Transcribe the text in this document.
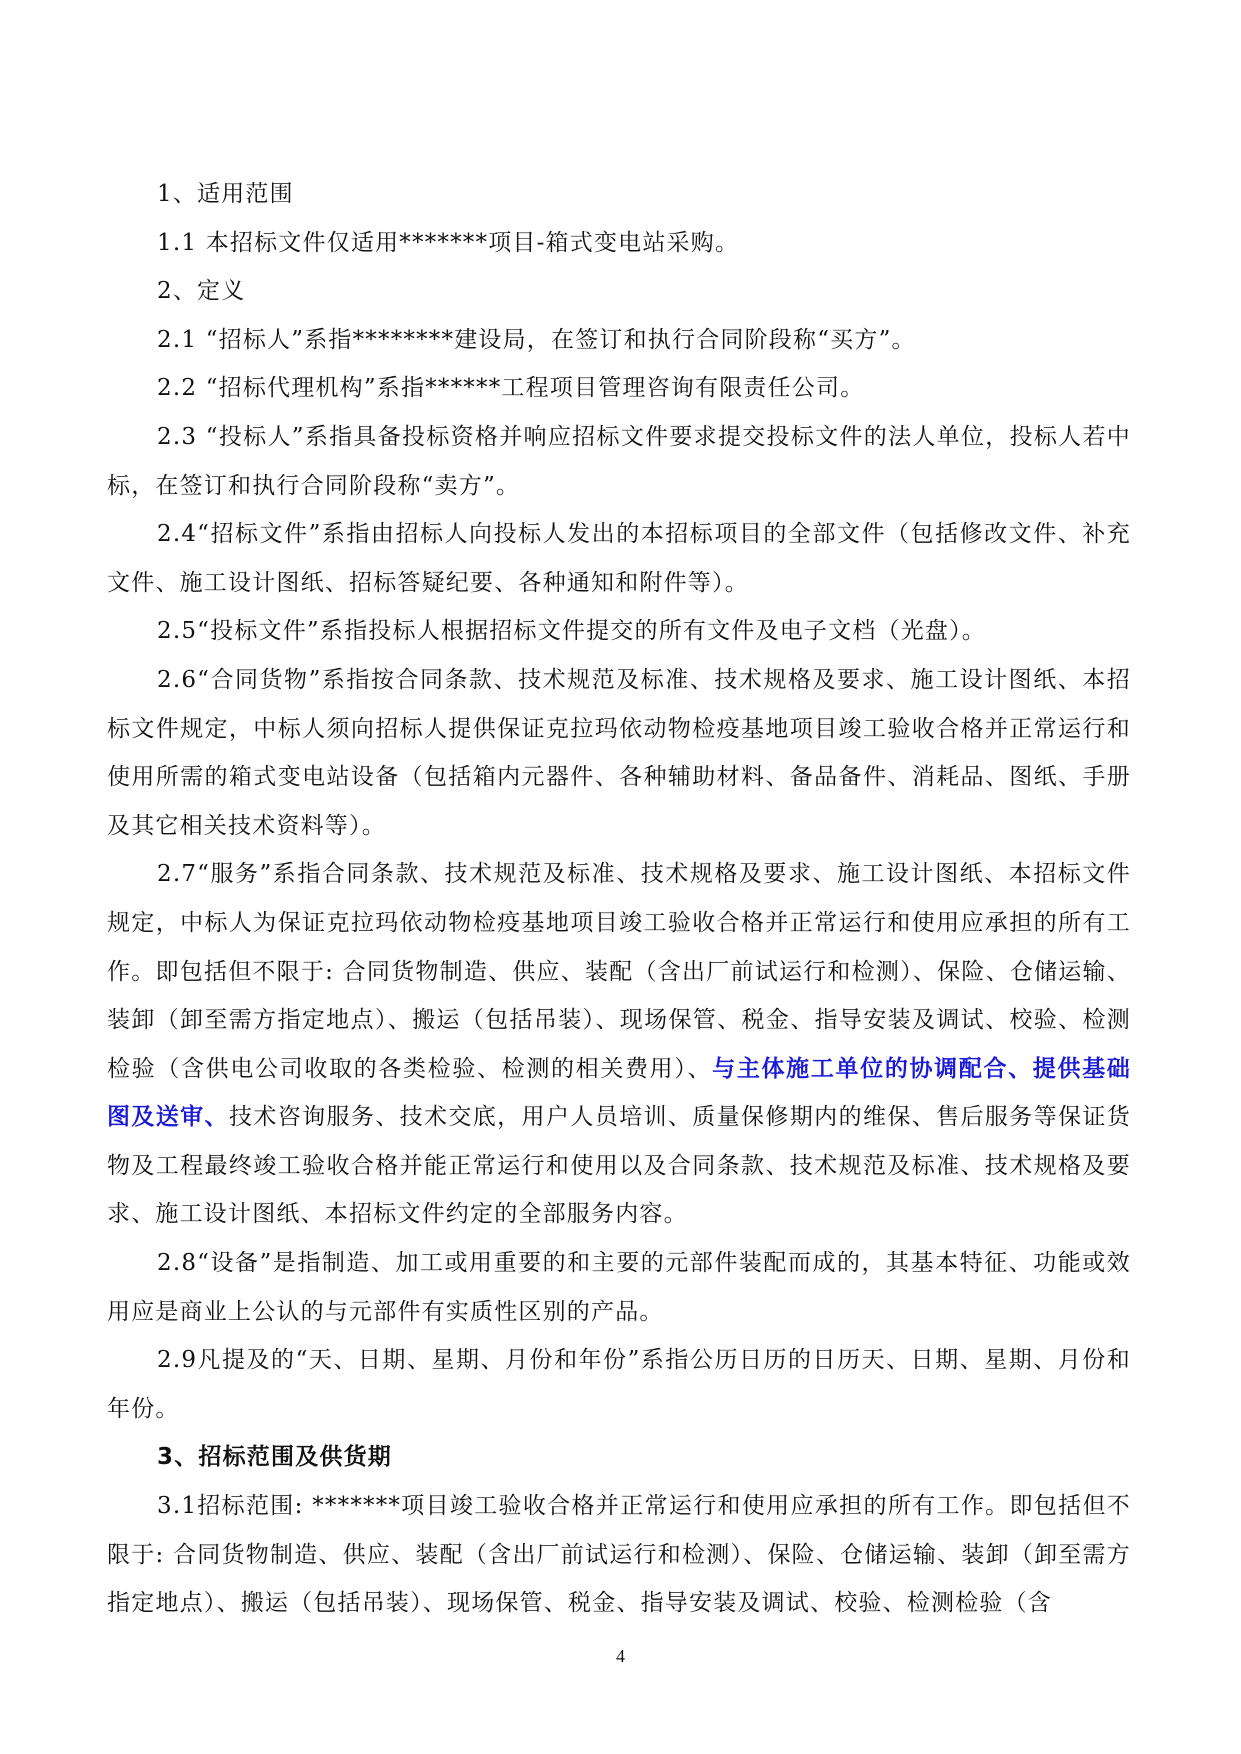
1、适用范围

1.1 本招标文件仅适用*******项目-箱式变电站采购。

2、定义

2.1 “招标人”系指********建设局，在签订和执行合同阶段称“买方”。

2.2 “招标代理机构”系指******工程项目管理咨询有限责任公司。

2.3 “投标人”系指具备投标资格并响应招标文件要求提交投标文件的法人单位，投标人若中标，在签订和执行合同阶段称“卖方”。

2.4“招标文件”系指由招标人向投标人发出的本招标项目的全部文件（包括修改文件、补充文件、施工设计图纸、招标答疑纪要、各种通知和附件等）。

2.5“投标文件”系指投标人根据招标文件提交的所有文件及电子文档（光盘）。

2.6“合同货物”系指按合同条款、技术规范及标准、技术规格及要求、施工设计图纸、本招标文件规定，中标人须向招标人提供保证克拉玛依动物检疫基地项目竣工验收合格并正常运行和使用所需的箱式变电站设备（包括箱内元器件、各种辅助材料、备品备件、消耗品、图纸、手册及其它相关技术资料等）。

2.7“服务”系指合同条款、技术规范及标准、技术规格及要求、施工设计图纸、本招标文件规定，中标人为保证克拉玛依动物检疫基地项目竣工验收合格并正常运行和使用应承担的所有工作。即包括但不限于: 合同货物制造、供应、装配（含出厂前试运行和检测）、保险、仓储运输、装卸（卸至需方指定地点）、搬运（包括吊装）、现场保管、税金、指导安装及调试、校验、检测检验（含供电公司收取的各类检验、检测的相关费用）、与主体施工单位的协调配合、提供基础图及送审、技术咨询服务、技术交底，用户人员培训、质量保修期内的维保、售后服务等保证货物及工程最终竣工验收合格并能正常运行和使用以及合同条款、技术规范及标准、技术规格及要求、施工设计图纸、本招标文件约定的全部服务内容。

2.8“设备”是指制造、加工或用重要的和主要的元部件装配而成的，其基本特征、功能或效用应是商业上公认的与元部件有实质性区别的产品。

2.9凡提及的“天、日期、星期、月份和年份”系指公历日历的日历天、日期、星期、月份和年份。

3、招标范围及供货期

3.1招标范围: *******项目竣工验收合格并正常运行和使用应承担的所有工作。即包括但不限于: 合同货物制造、供应、装配（含出厂前试运行和检测）、保险、仓储运输、装卸（卸至需方指定地点）、搬运（包括吊装）、现场保管、税金、指导安装及调试、校验、检测检验（含

4
